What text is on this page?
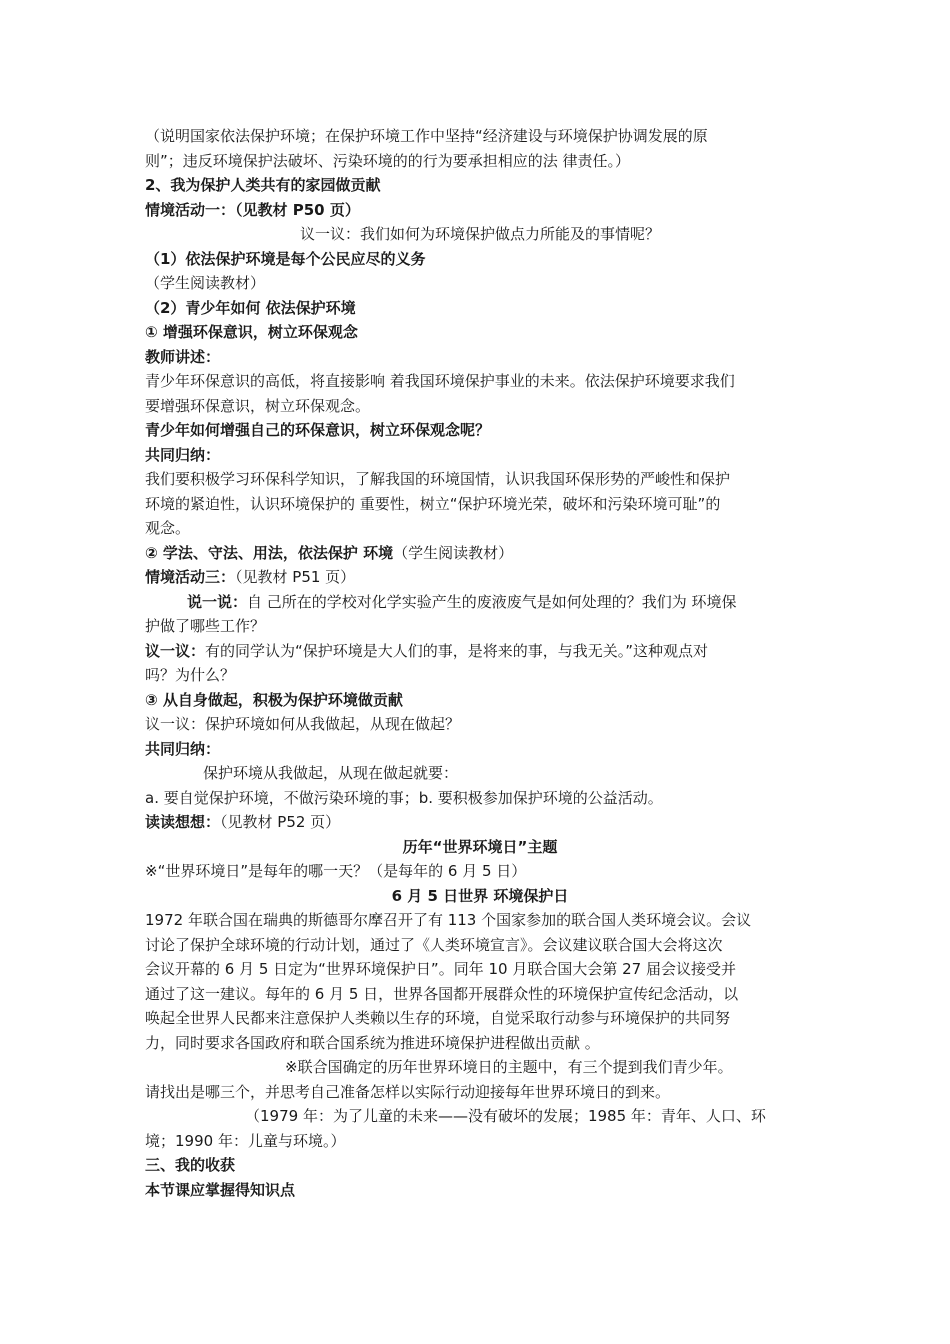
（说明国家依法保护环境；在保护环境工作中坚持“经济建设与环境保护协调发展的原
则”；违反环境保护法破坏、污染环境的的行为要承担相应的法 律责任。）
2、我为保护人类共有的家园做贡献
情境活动一：（见教材 P50 页）
议一议：我们如何为环境保护做点力所能及的事情呢？
（1）依法保护环境是每个公民应尽的义务
（学生阅读教材）
（2）青少年如何 依法保护环境
① 增强环保意识，树立环保观念
教师讲述：
青少年环保意识的高低，将直接影响 着我国环境保护事业的未来。依法保护环境要求我们
要增强环保意识，树立环保观念。
青少年如何增强自己的环保意识，树立环保观念呢？
共同归纳：
我们要积极学习环保科学知识，了解我国的环境国情，认识我国环保形势的严峻性和保护
环境的紧迫性，认识环境保护的 重要性，树立“保护环境光荣，破坏和污染环境可耻”的
观念。
② 学法、守法、用法，依法保护 环境（学生阅读教材）
情境活动三：（见教材 P51 页）
说一说：自 己所在的学校对化学实验产生的废液废气是如何处理的？我们为 环境保
护做了哪些工作？
议一议：有的同学认为“保护环境是大人们的事，是将来的事，与我无关。”这种观点对
吗？为什么？
③ 从自身做起，积极为保护环境做贡献
议一议：保护环境如何从我做起，从现在做起？
共同归纳：
保护环境从我做起，从现在做起就要：
a. 要自觉保护环境，不做污染环境的事；b. 要积极参加保护环境的公益活动。
读读想想：（见教材 P52 页）
历年“世界环境日”主题
※“世界环境日”是每年的哪一天？（是每年的 6 月 5 日）
6 月 5 日世界 环境保护日
1972 年联合国在瑞典的斯德哥尔摩召开了有 113 个国家参加的联合国人类环境会议。会议
讨论了保护全球环境的行动计划，通过了《人类环境宣言》。会议建议联合国大会将这次
会议开幕的 6 月 5 日定为“世界环境保护日”。同年 10 月联合国大会第 27 届会议接受并
通过了这一建议。每年的 6 月 5 日，世界各国都开展群众性的环境保护宣传纪念活动，以
唤起全世界人民都来注意保护人类赖以生存的环境，自觉采取行动参与环境保护的共同努
力，同时要求各国政府和联合国系统为推进环境保护进程做出贡献 。
※联合国确定的历年世界环境日的主题中，有三个提到我们青少年。
请找出是哪三个，并思考自己准备怎样以实际行动迎接每年世界环境日的到来。
（1979 年：为了儿童的未来——没有破坏的发展；1985 年：青年、人口、环
境；1990 年：儿童与环境。）
三、我的收获
本节课应掌握得知识点
